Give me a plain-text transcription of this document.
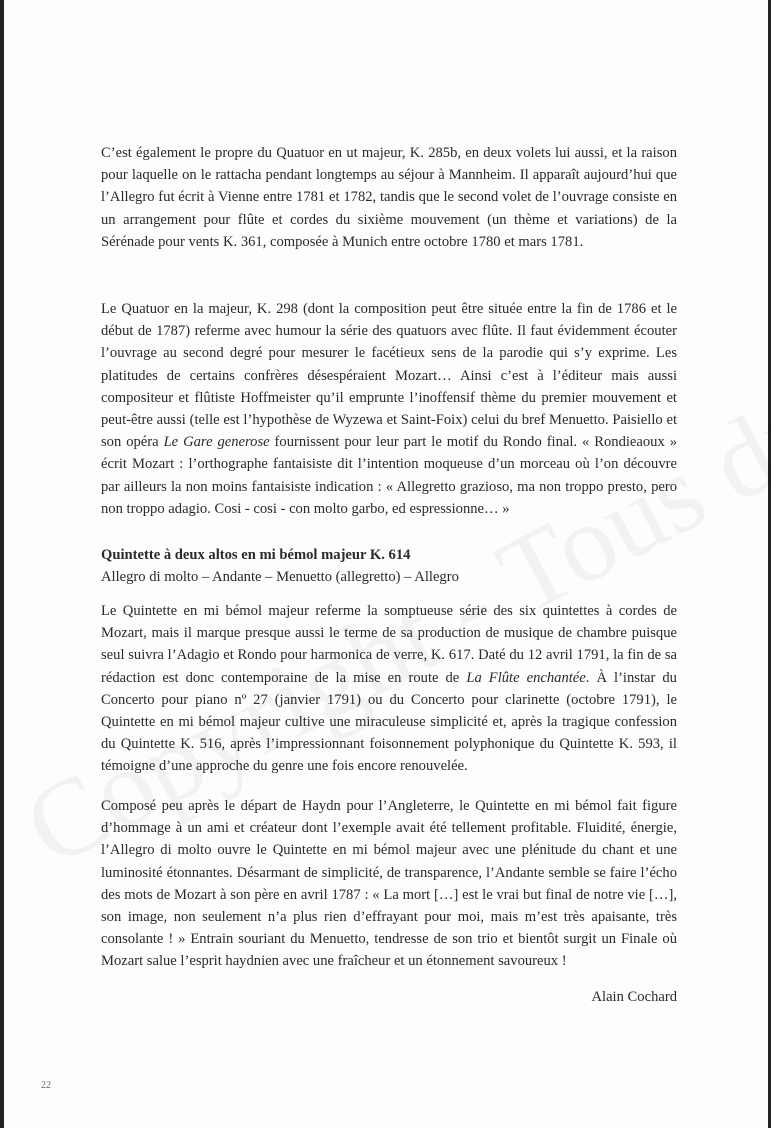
C’est également le propre du Quatuor en ut majeur, K. 285b, en deux volets lui aussi, et la raison pour laquelle on le rattacha pendant longtemps au séjour à Mannheim. Il apparaît aujourd’hui que l’Allegro fut écrit à Vienne entre 1781 et 1782, tandis que le second volet de l’ouvrage consiste en un arrangement pour flûte et cordes du sixième mouvement (un thème et variations) de la Sérénade pour vents K. 361, composée à Munich entre octobre 1780 et mars 1781.

Le Quatuor en la majeur, K. 298 (dont la composition peut être située entre la fin de 1786 et le début de 1787) referme avec humour la série des quatuors avec flûte. Il faut évidemment écouter l’ouvrage au second degré pour mesurer le facétieux sens de la parodie qui s’y exprime. Les platitudes de certains confrères désespéraient Mozart… Ainsi c’est à l’éditeur mais aussi compositeur et flûtiste Hoffmeister qu’il emprunte l’inoffensif thème du premier mouvement et peut-être aussi (telle est l’hypothèse de Wyzewa et Saint-Foix) celui du bref Menuetto. Paisiello et son opéra Le Gare generose fournissent pour leur part le motif du Rondo final. « Rondieaoux » écrit Mozart : l’orthographe fantaisiste dit l’intention moqueuse d’un morceau où l’on découvre par ailleurs la non moins fantaisiste indication : « Allegretto grazioso, ma non troppo presto, pero non troppo adagio. Cosi - cosi - con molto garbo, ed espressionne… »

Quintette à deux altos en mi bémol majeur K. 614

Allegro di molto – Andante – Menuetto (allegretto) – Allegro

Le Quintette en mi bémol majeur referme la somptueuse série des six quintettes à cordes de Mozart, mais il marque presque aussi le terme de sa production de musique de chambre puisque seul suivra l’Adagio et Rondo pour harmonica de verre, K. 617. Daté du 12 avril 1791, la fin de sa rédaction est donc contemporaine de la mise en route de La Flûte enchantée. À l’instar du Concerto pour piano nº 27 (janvier 1791) ou du Concerto pour clarinette (octobre 1791), le Quintette en mi bémol majeur cultive une miraculeuse simplicité et, après la tragique confession du Quintette K. 516, après l’impressionnant foisonnement polyphonique du Quintette K. 593, il témoigne d’une approche du genre une fois encore renouvelée.

Composé peu après le départ de Haydn pour l’Angleterre, le Quintette en mi bémol fait figure d’hommage à un ami et créateur dont l’exemple avait été tellement profitable. Fluidité, énergie, l’Allegro di molto ouvre le Quintette en mi bémol majeur avec une plénitude du chant et une luminosité étonnantes. Désarmant de simplicité, de transparence, l’Andante semble se faire l’écho des mots de Mozart à son père en avril 1787 : « La mort […] est le vrai but final de notre vie […], son image, non seulement n’a plus rien d’effrayant pour moi, mais m’est très apaisante, très consolante ! » Entrain souriant du Menuetto, tendresse de son trio et bientôt surgit un Finale où Mozart salue l’esprit haydnien avec une fraîcheur et un étonnement savoureux !

Alain Cochard
22
